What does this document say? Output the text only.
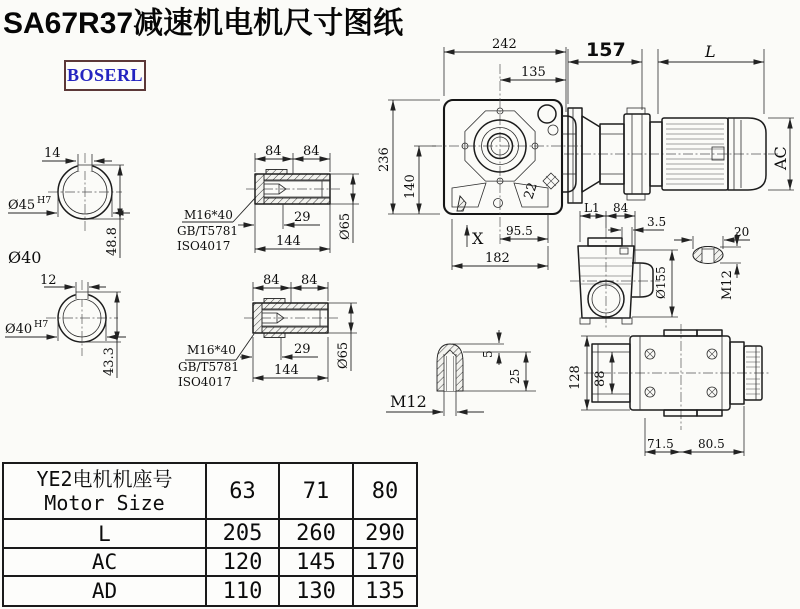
SA67R37减速机电机尺寸图纸
BOSERL
14
Ø45 H7
48.8
Ø40
12
Ø40 H7
43.3
84 84
29
144
Ø65
M16*40
GB/T5781
ISO4017
84 84
29
144
Ø65
M16*40
GB/T5781
ISO4017
22
242
135
236
140
95.5
182
X
157	L
AC
L1 84
3.5
Ø155
20
M12
M12
5
25	128 88
71.5 80.5
YE2电机机座号
Motor Size	63	71	80
L	205	260	290
AC	120	145	170
AD	110	130	135
